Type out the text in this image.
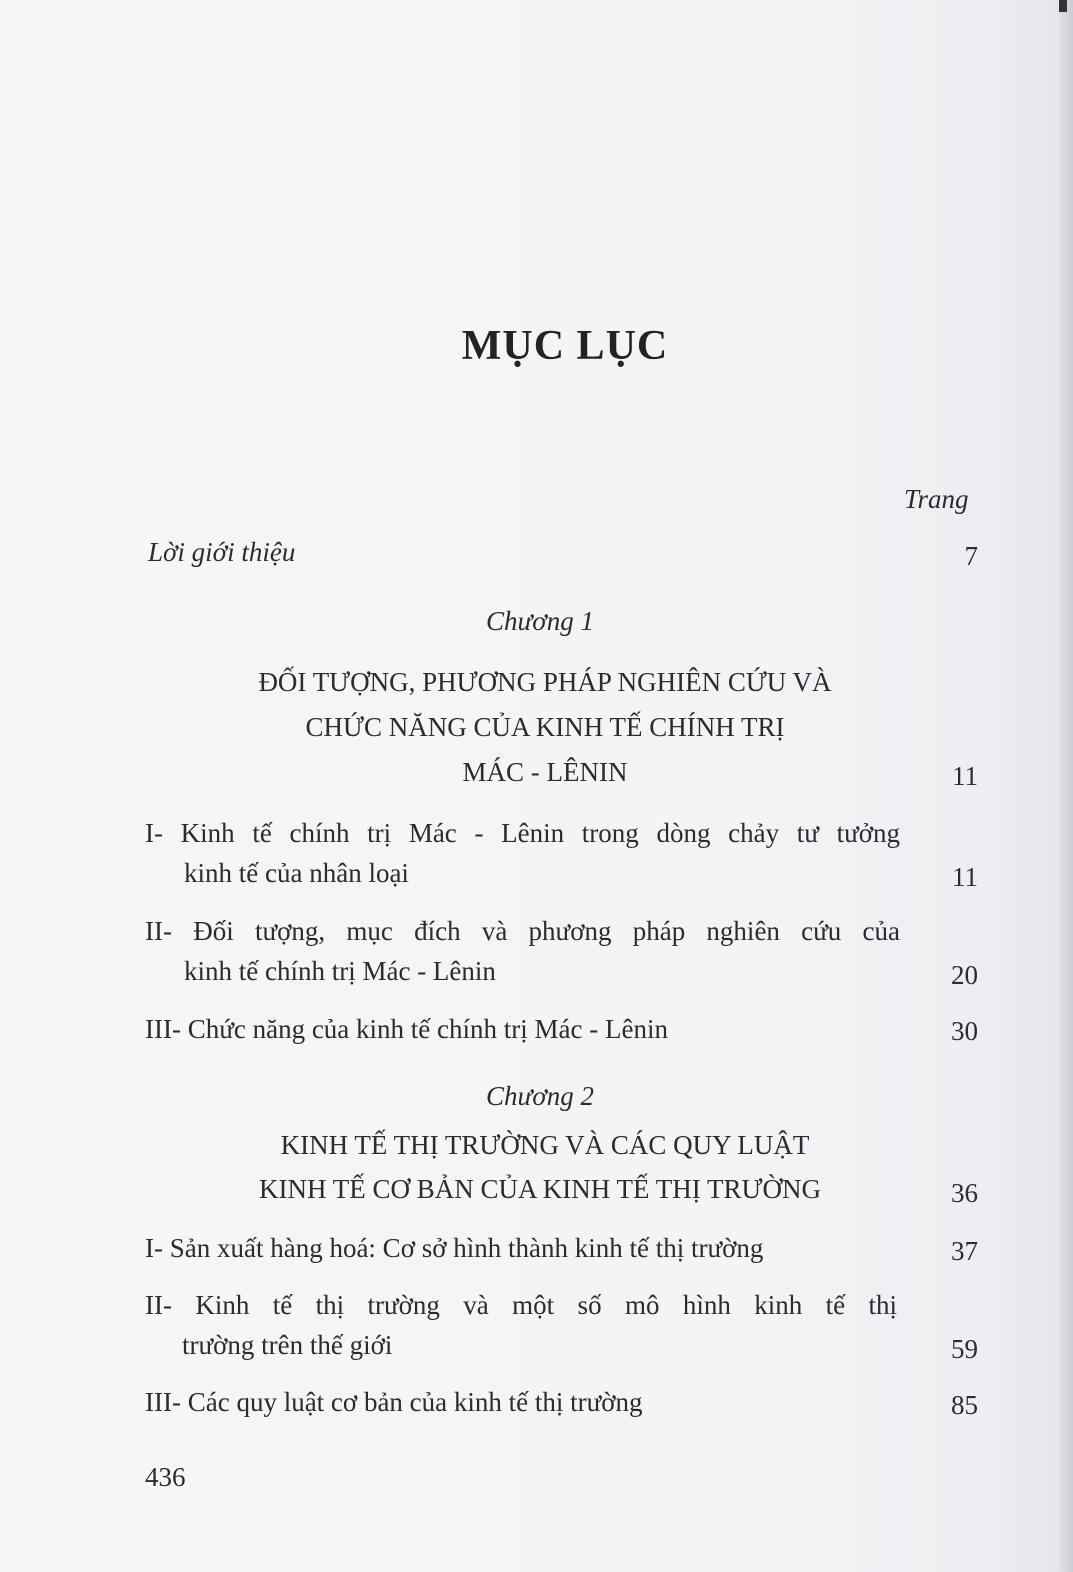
MỤC LỤC
Trang
Lời giới thiệu	7
Chương 1
ĐỐI TƯỢNG, PHƯƠNG PHÁP NGHIÊN CỨU VÀ
CHỨC NĂNG CỦA KINH TẾ CHÍNH TRỊ
MÁC - LÊNIN	11
I- Kinh tế chính trị Mác - Lênin trong dòng chảy tư tưởng
kinh tế của nhân loại	11
II- Đối tượng, mục đích và phương pháp nghiên cứu của
kinh tế chính trị Mác - Lênin	20
III- Chức năng của kinh tế chính trị Mác - Lênin	30
Chương 2
KINH TẾ THỊ TRƯỜNG VÀ CÁC QUY LUẬT
KINH TẾ CƠ BẢN CỦA KINH TẾ THỊ TRƯỜNG	36
I- Sản xuất hàng hoá: Cơ sở hình thành kinh tế thị trường	37
II- Kinh tế thị trường và một số mô hình kinh tế thị
trường trên thế giới	59
III- Các quy luật cơ bản của kinh tế thị trường	85
436
